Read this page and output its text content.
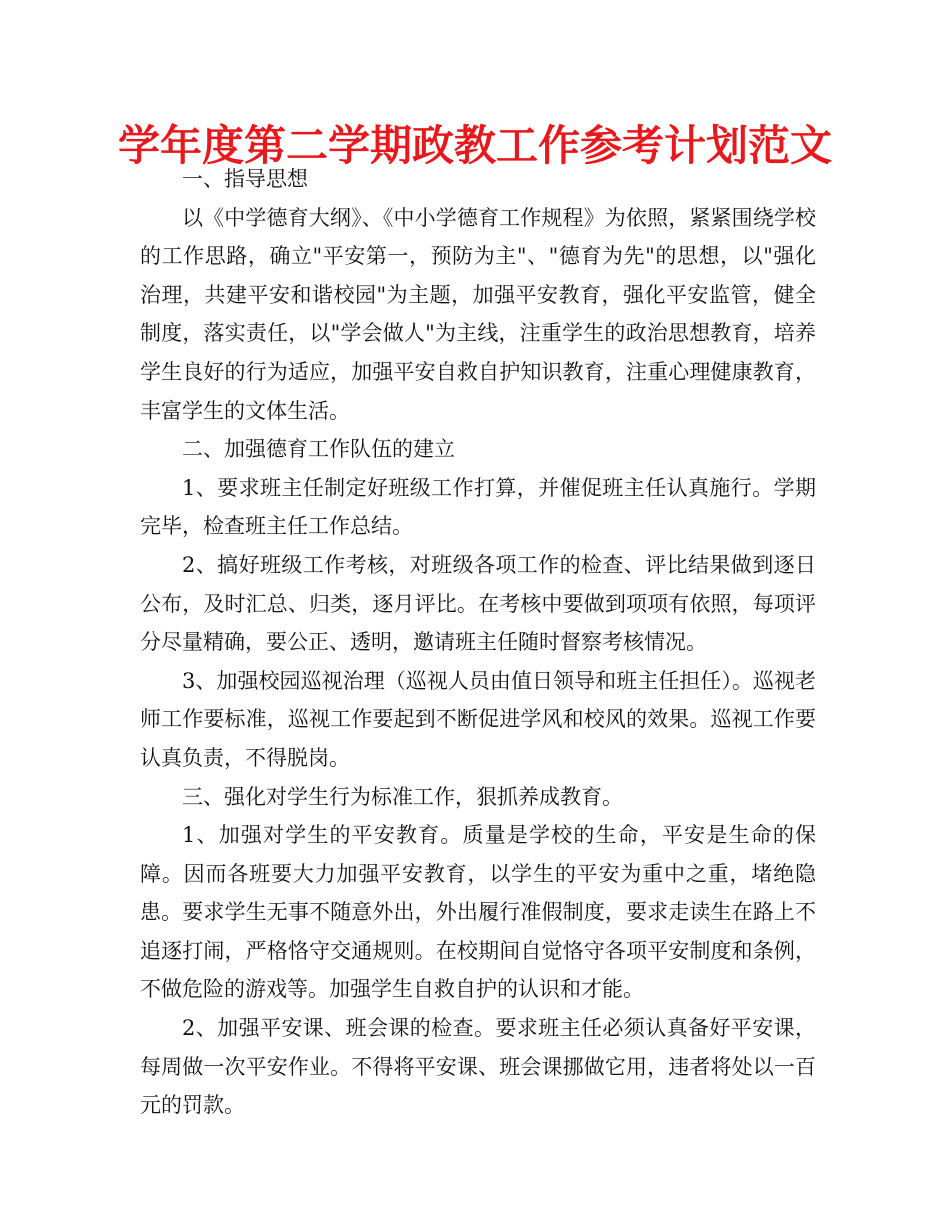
学年度第二学期政教工作参考计划范文

一、指导思想

以《中学德育大纲》、《中小学德育工作规程》为依照，紧紧围绕学校的工作思路，确立"平安第一，预防为主"、"德育为先"的思想，以"强化治理，共建平安和谐校园"为主题，加强平安教育，强化平安监管，健全制度，落实责任，以"学会做人"为主线，注重学生的政治思想教育，培养学生良好的行为适应，加强平安自救自护知识教育，注重心理健康教育，丰富学生的文体生活。

二、加强德育工作队伍的建立

1、要求班主任制定好班级工作打算，并催促班主任认真施行。学期完毕，检查班主任工作总结。

2、搞好班级工作考核，对班级各项工作的检查、评比结果做到逐日公布，及时汇总、归类，逐月评比。在考核中要做到项项有依照，每项评分尽量精确，要公正、透明，邀请班主任随时督察考核情况。

3、加强校园巡视治理（巡视人员由值日领导和班主任担任）。巡视老师工作要标准，巡视工作要起到不断促进学风和校风的效果。巡视工作要认真负责，不得脱岗。

三、强化对学生行为标准工作，狠抓养成教育。

1、加强对学生的平安教育。质量是学校的生命，平安是生命的保障。因而各班要大力加强平安教育，以学生的平安为重中之重，堵绝隐患。要求学生无事不随意外出，外出履行准假制度，要求走读生在路上不追逐打闹，严格恪守交通规则。在校期间自觉恪守各项平安制度和条例，不做危险的游戏等。加强学生自救自护的认识和才能。

2、加强平安课、班会课的检查。要求班主任必须认真备好平安课，每周做一次平安作业。不得将平安课、班会课挪做它用，违者将处以一百元的罚款。
